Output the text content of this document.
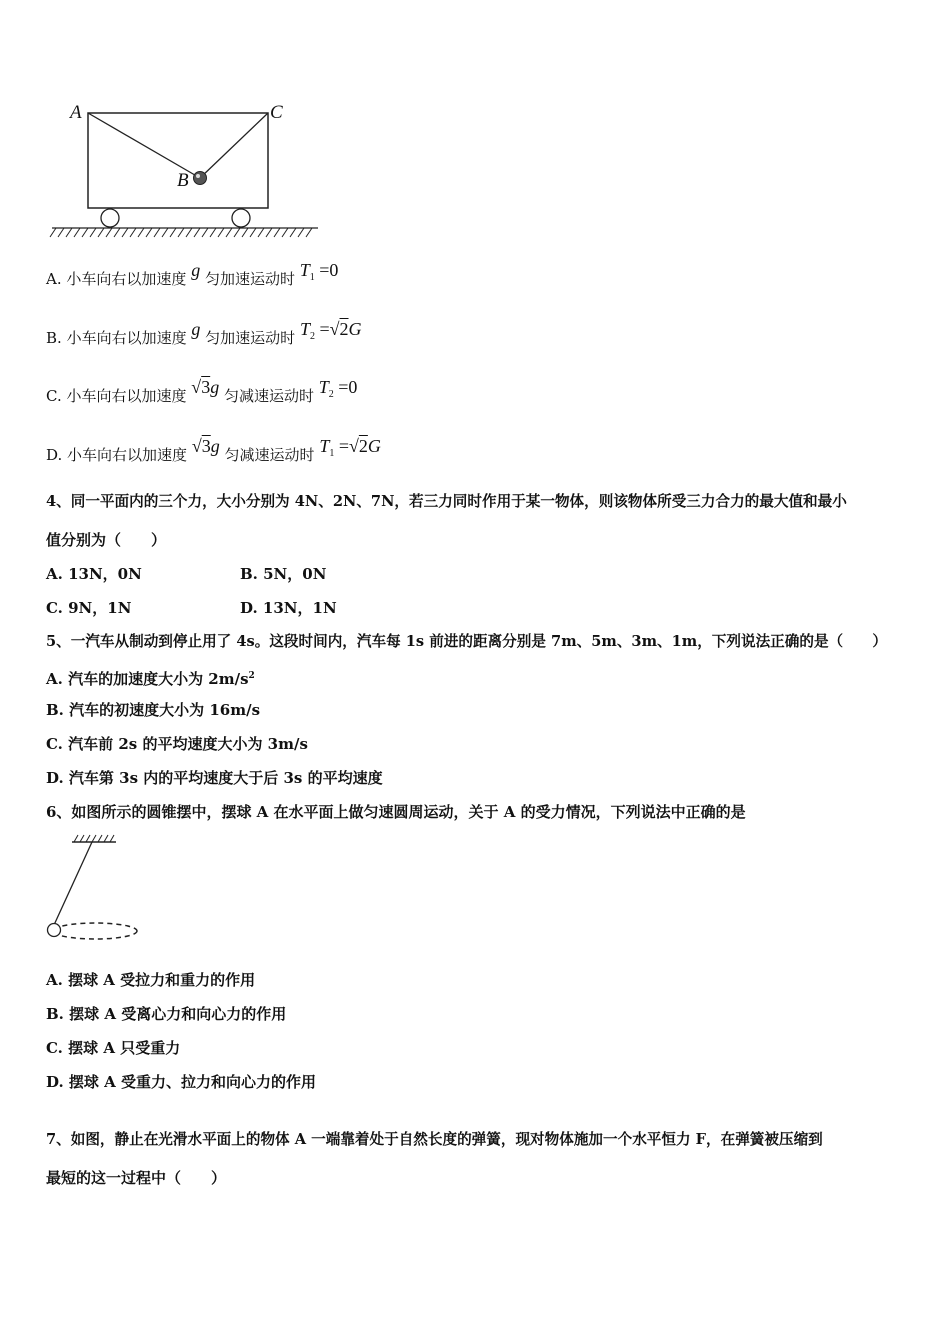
A	C
B
A. 小车向右以加速度 g 匀加速运动时 $T_1 =0$
B. 小车向右以加速度 g 匀加速运动时 $T_2 =√2G$
C. 小车向右以加速度 √3g 匀减速运动时 $T_2 =0$
D. 小车向右以加速度 √3g 匀减速运动时 $T_1 =√2G$
4、同一平面内的三个力，大小分别为 4N、2N、7N，若三力同时作用于某一物体，则该物体所受三力合力的最大值和最小
值分别为（　　）
A. 13N，0N	B. 5N，0N
C. 9N，1N	D. 13N，1N
5、一汽车从制动到停止用了 4s。这段时间内，汽车每 1s 前进的距离分别是 7m、5m、3m、1m，下列说法正确的是（　　）
A. 汽车的加速度大小为 $2m/s^2$
B. 汽车的初速度大小为 16m/s
C. 汽车前 2s 的平均速度大小为 3m/s
D. 汽车第 3s 内的平均速度大于后 3s 的平均速度
6、如图所示的圆锥摆中，摆球 A 在水平面上做匀速圆周运动，关于 A 的受力情况，下列说法中正确的是
A. 摆球 A 受拉力和重力的作用
B. 摆球 A 受离心力和向心力的作用
C. 摆球 A 只受重力
D. 摆球 A 受重力、拉力和向心力的作用
7、如图，静止在光滑水平面上的物体 A 一端靠着处于自然长度的弹簧，现对物体施加一个水平恒力 F，在弹簧被压缩到
最短的这一过程中（　　）
